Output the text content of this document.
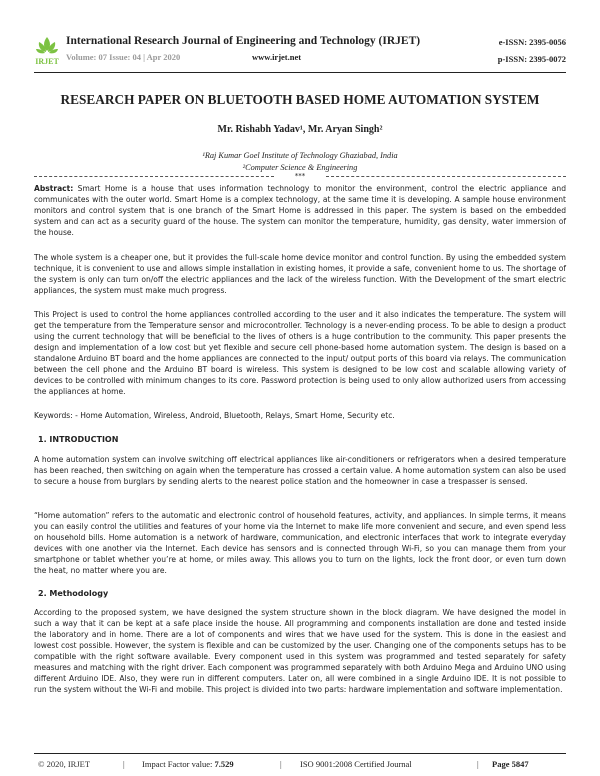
IRJET
International Research Journal of Engineering and Technology (IRJET)
Volume: 07 Issue: 04 | Apr 2020	www.irjet.net
e-ISSN: 2395-0056
p-ISSN: 2395-0072
RESEARCH PAPER ON BLUETOOTH BASED HOME AUTOMATION SYSTEM
Mr. Rishabh Yadav¹, Mr. Aryan Singh²
¹Raj Kumar Goel Institute of Technology Ghaziabad, India
²Computer Science & Engineering
***

Abstract: Smart Home is a house that uses information technology to monitor the environment, control the electric appliance and communicates with the outer world. Smart Home is a complex technology, at the same time it is developing. A sample house environment monitors and control system that is one branch of the Smart Home is addressed in this paper. The system is based on the embedded system and can act as a security guard of the house. The system can monitor the temperature, humidity, gas density, water immersion of the house.

The whole system is a cheaper one, but it provides the full-scale home device monitor and control function. By using the embedded system technique, it is convenient to use and allows simple installation in existing homes, it provide a safe, convenient home to us. The shortage of the system is only can turn on/off the electric appliances and the lack of the wireless function. With the Development of the smart electric appliances, the system must make much progress.

This Project is used to control the home appliances controlled according to the user and it also indicates the temperature. The system will get the temperature from the Temperature sensor and microcontroller. Technology is a never-ending process. To be able to design a product using the current technology that will be beneficial to the lives of others is a huge contribution to the community. This paper presents the design and implementation of a low cost but yet flexible and secure cell phone-based home automation system. The design is based on a standalone Arduino BT board and the home appliances are connected to the input/ output ports of this board via relays. The communication between the cell phone and the Arduino BT board is wireless. This system is designed to be low cost and scalable allowing variety of devices to be controlled with minimum changes to its core. Password protection is being used to only allow authorized users from accessing the appliances at home.

Keywords: - Home Automation, Wireless, Android, Bluetooth, Relays, Smart Home, Security etc.

1. INTRODUCTION

A home automation system can involve switching off electrical appliances like air-conditioners or refrigerators when a desired temperature has been reached, then switching on again when the temperature has crossed a certain value. A home automation system can also be used to secure a house from burglars by sending alerts to the nearest police station and the homeowner in case a trespasser is sensed.

“Home automation” refers to the automatic and electronic control of household features, activity, and appliances. In simple terms, it means you can easily control the utilities and features of your home via the Internet to make life more convenient and secure, and even spend less on household bills. Home automation is a network of hardware, communication, and electronic interfaces that work to integrate everyday devices with one another via the Internet. Each device has sensors and is connected through Wi-Fi, so you can manage them from your smartphone or tablet whether you’re at home, or miles away. This allows you to turn on the lights, lock the front door, or even turn down the heat, no matter where you are.

2. Methodology

According to the proposed system, we have designed the system structure shown in the block diagram. We have designed the model in such a way that it can be kept at a safe place inside the house. All programming and components installation are done and tested inside the laboratory and in home. There are a lot of components and wires that we have used for the system. This is done in the easiest and lowest cost possible. However, the system is flexible and can be customized by the user. Changing one of the components setups has to be compatible with the right software available. Every component used in this system was programmed and tested separately for safety measures and matching with the right driver. Each component was programmed separately with both Arduino Mega and Arduino UNO using different Arduino IDE. Also, they were run in different computers. Later on, all were combined in a single Arduino IDE. It is not possible to run the system without the Wi-Fi and mobile. This project is divided into two parts: hardware implementation and software implementation.

© 2020, IRJET	| Impact Factor value: 7.529	| ISO 9001:2008 Certified Journal	| Page 5847
